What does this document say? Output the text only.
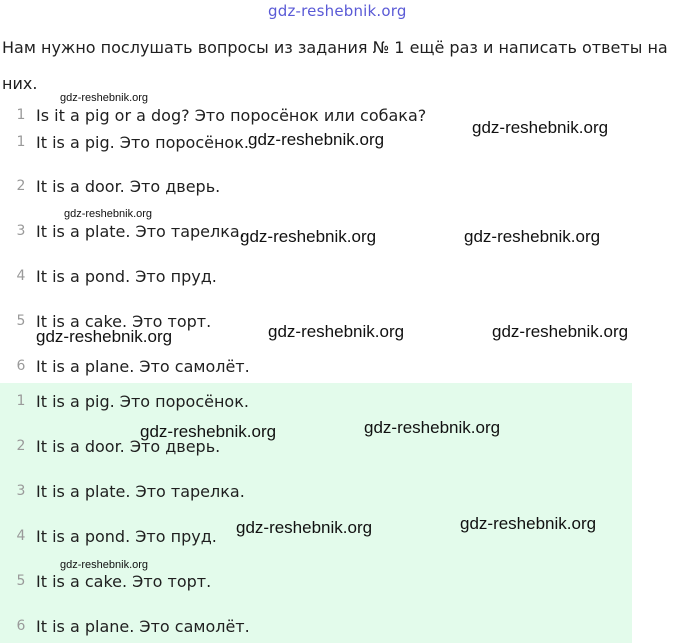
gdz-reshebnik.org
Нам нужно послушать вопросы из задания № 1 ещё раз и написать ответы на них.
1 Is it a pig or a dog? Это поросёнок или собака?
1 It is a pig. Это поросёнок.
2 It is a door. Это дверь.
3 It is a plate. Это тарелка.
4 It is a pond. Это пруд.
5 It is a cake. Это торт.
6 It is a plane. Это самолёт.
1 It is a pig. Это поросёнок.
2 It is a door. Это дверь.
3 It is a plate. Это тарелка.
4 It is a pond. Это пруд.
5 It is a cake. Это торт.
6 It is a plane. Это самолёт.
gdz-reshebnik.org
gdz-reshebnik.org
gdz-reshebnik.org
gdz-reshebnik.org
gdz-reshebnik.org	gdz-reshebnik.org
gdz-reshebnik.org	gdz-reshebnik.org
gdz-reshebnik.org
gdz-reshebnik.org
gdz-reshebnik.org
gdz-reshebnik.org
gdz-reshebnik.org
gdz-reshebnik.org
